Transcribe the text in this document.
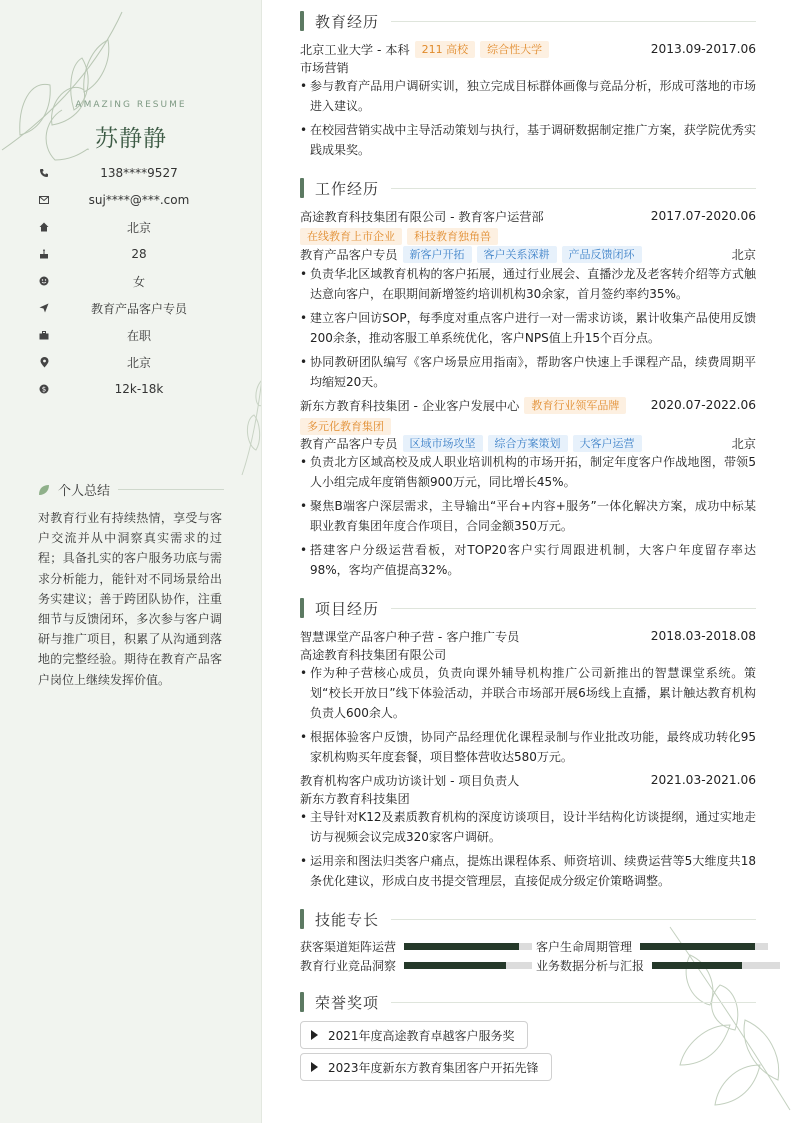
AMAZING RESUME
苏静静
138****9527
suj****@***.com
北京
28
女
教育产品客户专员
在职
北京
$	12k-18k
个人总结
对教育行业有持续热情，享受与客户交流并从中洞察真实需求的过程；具备扎实的客户服务功底与需求分析能力，能针对不同场景给出务实建议；善于跨团队协作，注重细节与反馈闭环，多次参与客户调研与推广项目，积累了从沟通到落地的完整经验。期待在教育产品客户岗位上继续发挥价值。
教育经历
北京工业大学 - 本科	211 高校	综合性大学	2013.09-2017.06
市场营销
• 参与教育产品用户调研实训，独立完成目标群体画像与竞品分析，形成可落地的市场进入建议。
• 在校园营销实战中主导活动策划与执行，基于调研数据制定推广方案，获学院优秀实践成果奖。
工作经历
高途教育科技集团有限公司 - 教育客户运营部	2017.07-2020.06
在线教育上市企业	科技教育独角兽
教育产品客户专员	新客户开拓	客户关系深耕	产品反馈闭环	北京
• 负责华北区域教育机构的客户拓展，通过行业展会、直播沙龙及老客转介绍等方式触达意向客户，在职期间新增签约培训机构30余家，首月签约率约35%。
• 建立客户回访SOP，每季度对重点客户进行一对一需求访谈，累计收集产品使用反馈200余条，推动客服工单系统优化，客户NPS值上升15个百分点。
• 协同教研团队编写《客户场景应用指南》，帮助客户快速上手课程产品，续费周期平均缩短20天。
新东方教育科技集团 - 企业客户发展中心	教育行业领军品牌	2020.07-2022.06
多元化教育集团
教育产品客户专员	区域市场攻坚	综合方案策划	大客户运营	北京
• 负责北方区域高校及成人职业培训机构的市场开拓，制定年度客户作战地图，带领5人小组完成年度销售额900万元，同比增长45%。
• 聚焦B端客户深层需求，主导输出“平台+内容+服务”一体化解决方案，成功中标某职业教育集团年度合作项目，合同金额350万元。
• 搭建客户分级运营看板，对TOP20客户实行周跟进机制，大客户年度留存率达98%，客均产值提高32%。
项目经历
智慧课堂产品客户种子营 - 客户推广专员	2018.03-2018.08
高途教育科技集团有限公司
• 作为种子营核心成员，负责向课外辅导机构推广公司新推出的智慧课堂系统。策划“校长开放日”线下体验活动，并联合市场部开展6场线上直播，累计触达教育机构负责人600余人。
• 根据体验客户反馈，协同产品经理优化课程录制与作业批改功能，最终成功转化95家机构购买年度套餐，项目整体营收达580万元。
教育机构客户成功访谈计划 - 项目负责人	2021.03-2021.06
新东方教育科技集团
• 主导针对K12及素质教育机构的深度访谈项目，设计半结构化访谈提纲，通过实地走访与视频会议完成320家客户调研。
• 运用亲和图法归类客户痛点，提炼出课程体系、师资培训、续费运营等5大维度共18条优化建议，形成白皮书提交管理层，直接促成分级定价策略调整。
技能专长
获客渠道矩阵运营	客户生命周期管理
教育行业竞品洞察	业务数据分析与汇报
荣誉奖项
2021年度高途教育卓越客户服务奖
2023年度新东方教育集团客户开拓先锋
